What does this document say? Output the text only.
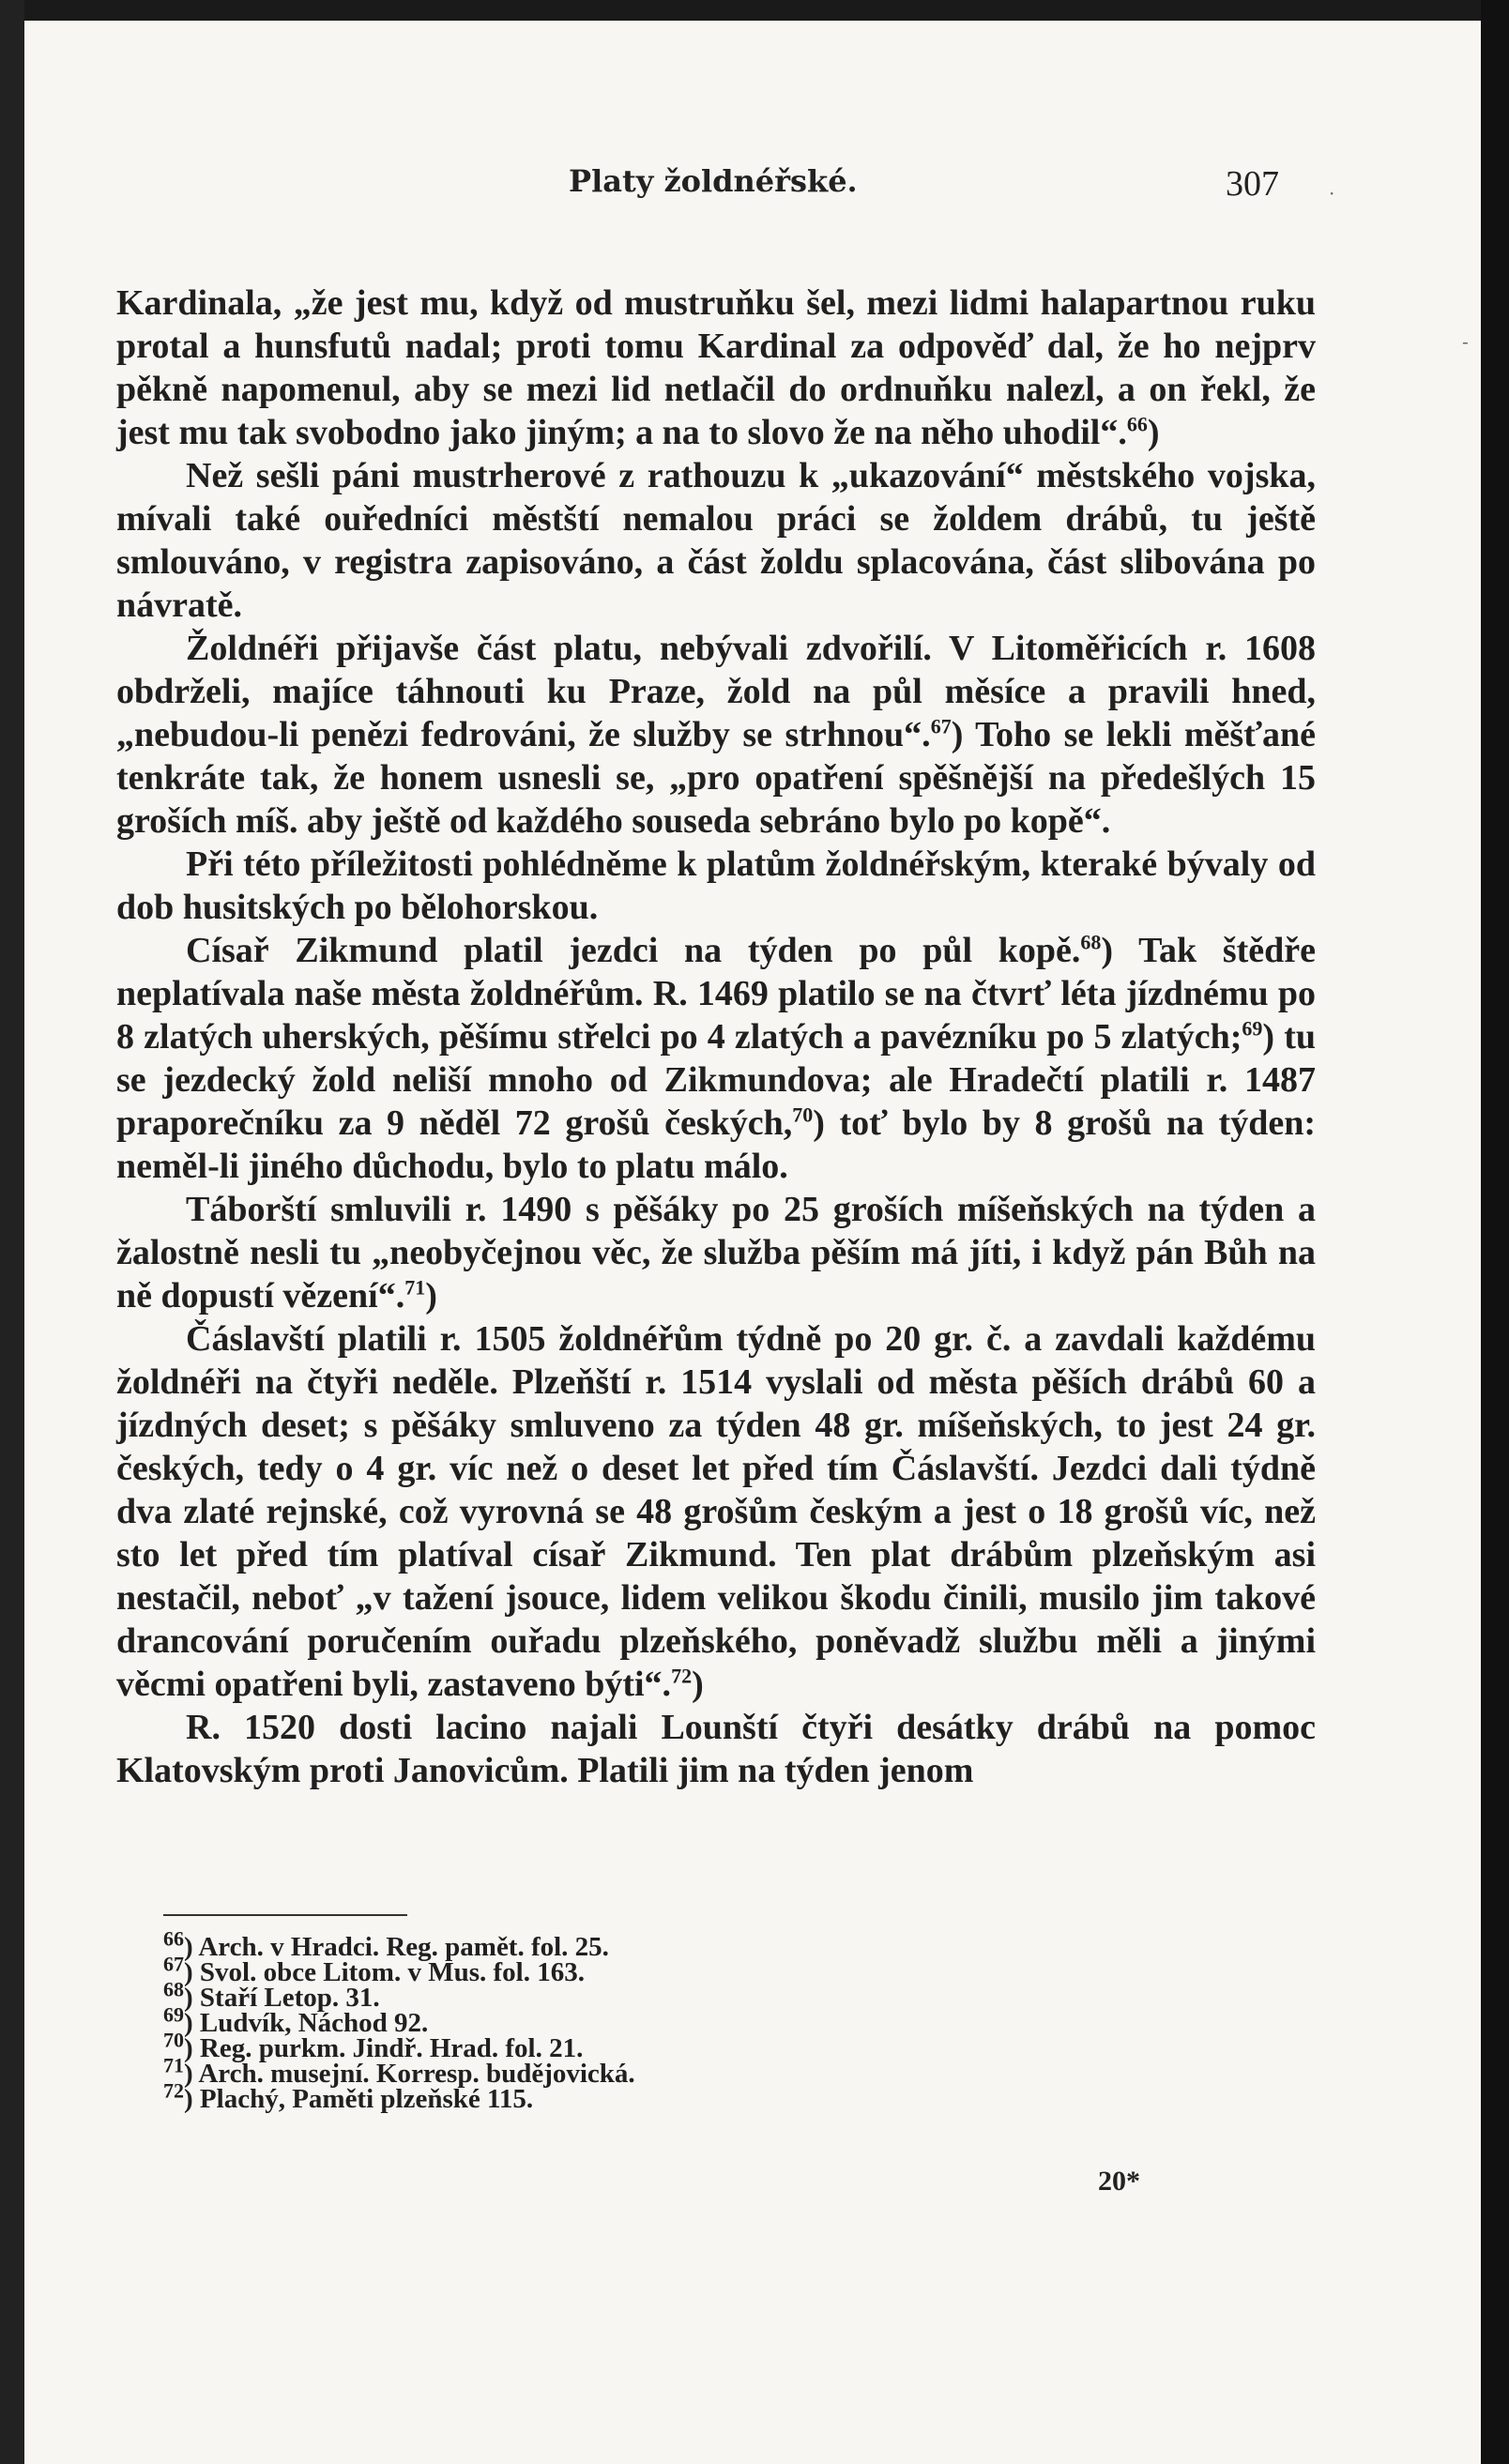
·
-
Platy žoldnéřské.	307

Kardinala, „že jest mu, když od mustruňku šel, mezi lidmi halapartnou ruku protal a hunsfutů nadal; proti tomu Kardinal za odpověď dal, že ho nejprv pěkně napomenul, aby se mezi lid netlačil do ordnuňku nalezl, a on řekl, že jest mu tak svobodno jako jiným; a na to slovo že na něho uhodil“.$^{66}$)

Než sešli páni mustrherové z rathouzu k „ukazování“ městského vojska, mívali také ouředníci městští nemalou práci se žoldem drábů, tu ještě smlouváno, v registra zapisováno, a část žoldu splacována, část slibována po návratě.

Žoldnéři přijavše část platu, nebývali zdvořilí. V Litoměřicích r. 1608 obdrželi, majíce táhnouti ku Praze, žold na půl měsíce a pravili hned, „nebudou-li penězi fedrováni, že služby se strhnou“.$^{67}$) Toho se lekli měšťané tenkráte tak, že honem usnesli se, „pro opatření spěšnější na předešlých 15 groších míš. aby ještě od každého souseda sebráno bylo po kopě“.

Při této příležitosti pohlédněme k platům žoldnéřským, kteraké bývaly od dob husitských po bělohorskou.

Císař Zikmund platil jezdci na týden po půl kopě.$^{68}$) Tak štědře neplatívala naše města žoldnéřům. R. 1469 platilo se na čtvrť léta jízdnému po 8 zlatých uherských, pěšímu střelci po 4 zlatých a pavézníku po 5 zlatých;$^{69}$) tu se jezdecký žold neliší mnoho od Zikmundova; ale Hradečtí platili r. 1487 praporečníku za 9 něděl 72 grošů českých,$^{70}$) toť bylo by 8 grošů na týden: neměl-li jiného důchodu, bylo to platu málo.

Táborští smluvili r. 1490 s pěšáky po 25 groších míšeňských na týden a žalostně nesli tu „neobyčejnou věc, že služba pěším má jíti, i když pán Bůh na ně dopustí vězení“.$^{71}$)

Čáslavští platili r. 1505 žoldnéřům týdně po 20 gr. č. a zavdali každému žoldnéři na čtyři neděle. Plzeňští r. 1514 vyslali od města pěších drábů 60 a jízdných deset; s pěšáky smluveno za týden 48 gr. míšeňských, to jest 24 gr. českých, tedy o 4 gr. víc než o deset let před tím Čáslavští. Jezdci dali týdně dva zlaté rejnské, což vyrovná se 48 grošům českým a jest o 18 grošů víc, než sto let před tím platíval císař Zikmund. Ten plat drábům plzeňským asi nestačil, neboť „v tažení jsouce, lidem velikou škodu činili, musilo jim takové drancování poručením ouřadu plzeňského, poněvadž službu měli a jinými věcmi opatřeni byli, zastaveno býti“.$^{72}$)

R. 1520 dosti lacino najali Lounští čtyři desátky drábů na pomoc Klatovským proti Janovicům. Platili jim na týden jenom

$^{66}$) Arch. v Hradci. Reg. pamět. fol. 25.
$^{67}$) Svol. obce Litom. v Mus. fol. 163.
$^{68}$) Staří Letop. 31.
$^{69}$) Ludvík, Náchod 92.
$^{70}$) Reg. purkm. Jindř. Hrad. fol. 21.
$^{71}$) Arch. musejní. Korresp. budějovická.
$^{72}$) Plachý, Paměti plzeňské 115.
20*
